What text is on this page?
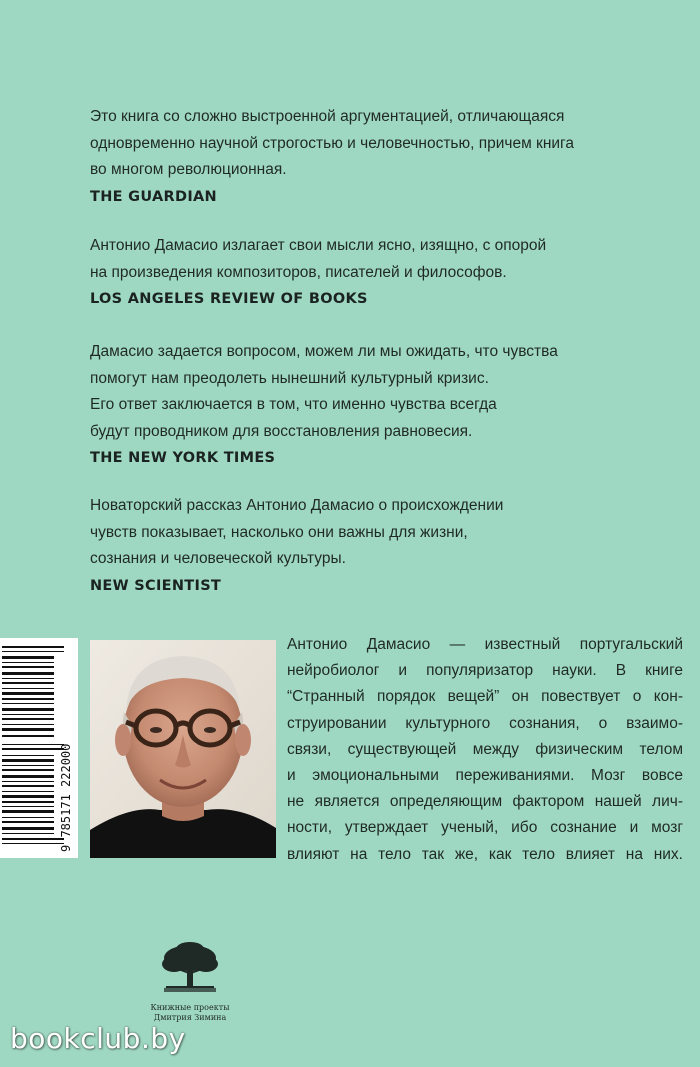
Это книга со сложно выстроенной аргументацией, отличающаяся
одновременно научной строгостью и человечностью, причем книга
во многом революционная.
THE GUARDIAN
Антонио Дамасио излагает свои мысли ясно, изящно, с опорой
на произведения композиторов, писателей и философов.
LOS ANGELES REVIEW OF BOOKS
Дамасио задается вопросом, можем ли мы ожидать, что чувства
помогут нам преодолеть нынешний культурный кризис.
Его ответ заключается в том, что именно чувства всегда
будут проводником для восстановления равновесия.
THE NEW YORK TIMES
Новаторский рассказ Антонио Дамасио о происхождении
чувств показывает, насколько они важны для жизни,
сознания и человеческой культуры.
NEW SCIENTIST
9 785171 222000
Антонио Дамасио — известный португальский
нейробиолог и популяризатор науки. В книге
“Странный порядок вещей” он повествует о кон-
струировании культурного сознания, о взаимо-
связи, существующей между физическим телом
и эмоциональными переживаниями. Мозг вовсе
не является определяющим фактором нашей лич-
ности, утверждает ученый, ибо сознание и мозг
влияют на тело так же, как тело влияет на них.
Книжные проекты
Дмитрия Зимина
bookclub.by
